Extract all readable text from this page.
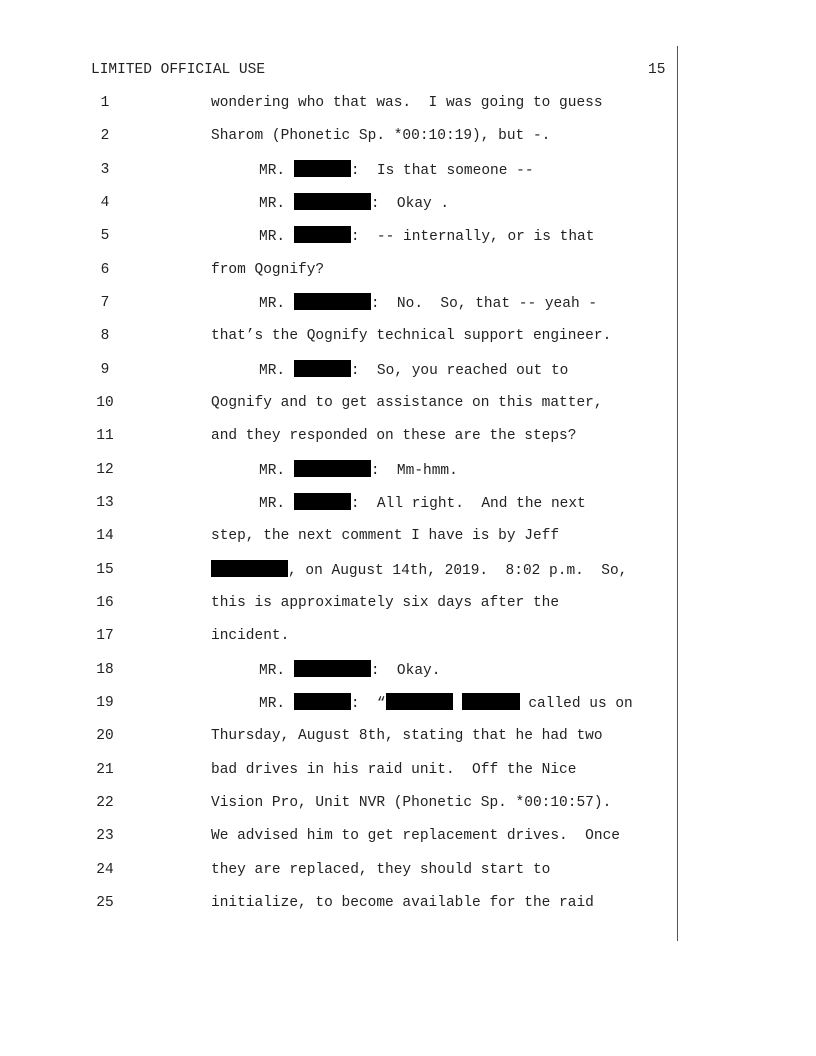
LIMITED OFFICIAL USE	15
1	wondering who that was.  I was going to guess
2	Sharom (Phonetic Sp. *00:10:19), but -.
3	MR.	:  Is that someone --
4	MR.	:  Okay .
5	MR.	:  -- internally, or is that
6	from Qognify?
7	MR.	:  No.  So, that -- yeah -
8	that’s the Qognify technical support engineer.
9	MR.	:  So, you reached out to
10	Qognify and to get assistance on this matter,
11	and they responded on these are the steps?
12	MR.	:  Mm-hmm.
13	MR.	:  All right.  And the next
14	step, the next comment I have is by Jeff
15	, on August 14th, 2019.  8:02 p.m.  So,
16	this is approximately six days after the
17	incident.
18	MR.	:  Okay.
19	MR.	:  “	called us on
20	Thursday, August 8th, stating that he had two
21	bad drives in his raid unit.  Off the Nice
22	Vision Pro, Unit NVR (Phonetic Sp. *00:10:57).
23	We advised him to get replacement drives.  Once
24	they are replaced, they should start to
25	initialize, to become available for the raid
